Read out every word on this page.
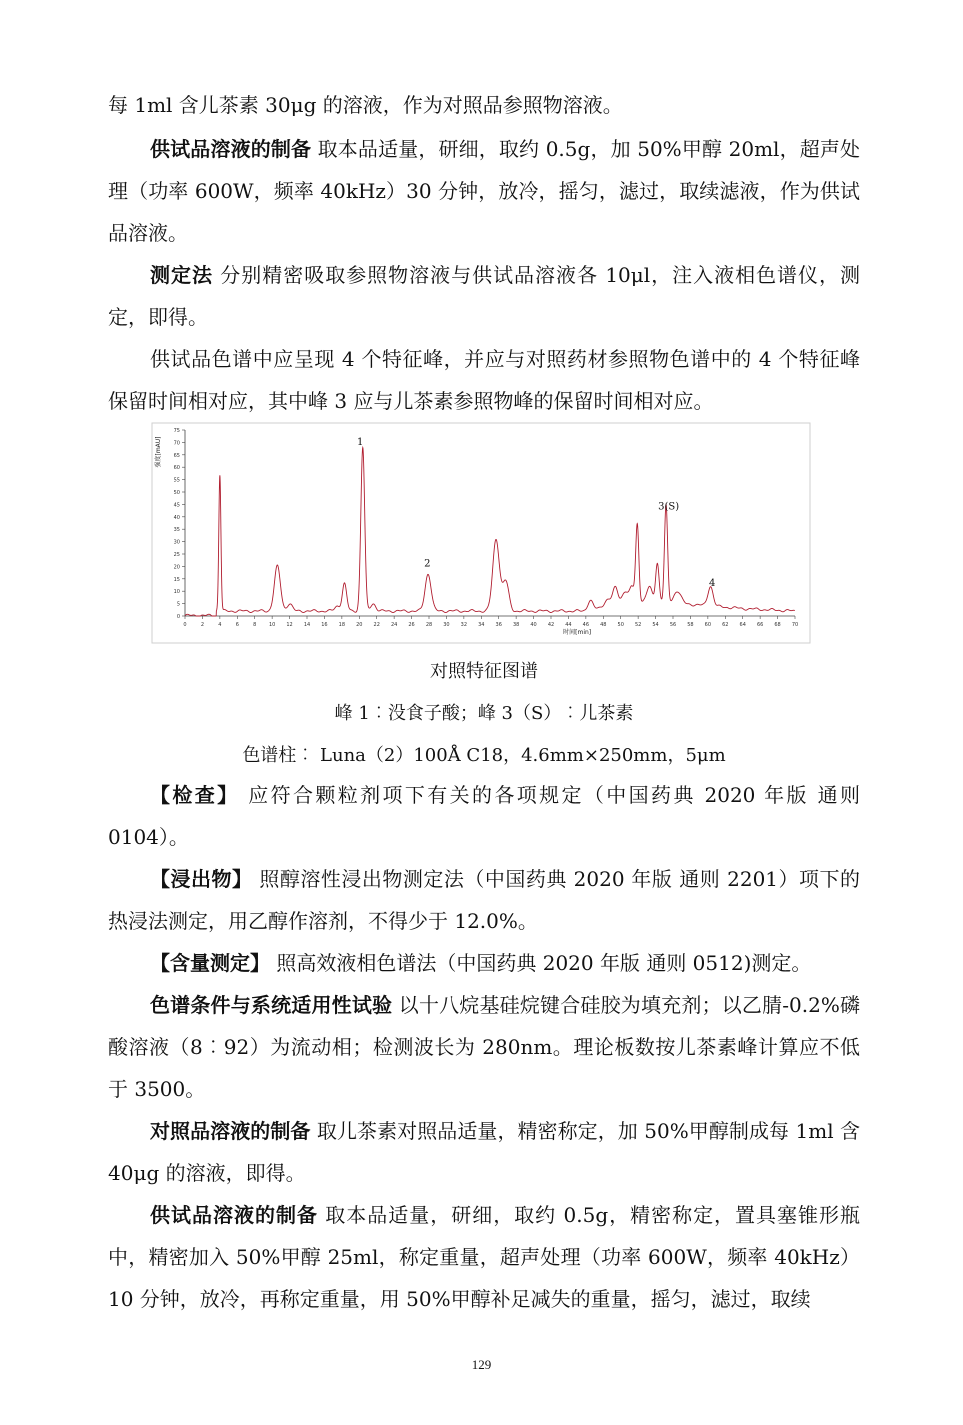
每 1ml 含儿茶素 30μg 的溶液，作为对照品参照物溶液。

供试品溶液的制备 取本品适量，研细，取约 0.5g，加 50%甲醇 20ml，超声处理（功率 600W，频率 40kHz）30 分钟，放冷，摇匀，滤过，取续滤液，作为供试品溶液。

测定法 分别精密吸取参照物溶液与供试品溶液各 10μl，注入液相色谱仪，测定，即得。

供试品色谱中应呈现 4 个特征峰，并应与对照药材参照物色谱中的 4 个特征峰保留时间相对应，其中峰 3 应与儿茶素参照物峰的保留时间相对应。

0
5
10
15
20
25
30
35
40
45
50
55
60
65
70
75
0	2	4	6	8	10 12 14 16 18 20 22 24 26 28 30 32 34 36 38 40 42 44 46 48 50 52 54 56 58 60 62 64 66 68 70
强度[mAU]
时间[min]
1
2
3(S)
4
对照特征图谱
峰 1︰没食子酸；峰 3（S）︰儿茶素
色谱柱︰ Luna（2）100Å C18，4.6mm×250mm，5μm

【检查】 应符合颗粒剂项下有关的各项规定（中国药典 2020 年版 通则 0104）。

【浸出物】 照醇溶性浸出物测定法（中国药典 2020 年版 通则 2201）项下的热浸法测定，用乙醇作溶剂，不得少于 12.0%。

【含量测定】 照高效液相色谱法（中国药典 2020 年版 通则 0512)测定。

色谱条件与系统适用性试验 以十八烷基硅烷键合硅胶为填充剂；以乙腈-0.2%磷酸溶液（8︰92）为流动相；检测波长为 280nm。理论板数按儿茶素峰计算应不低于 3500。

对照品溶液的制备 取儿茶素对照品适量，精密称定，加 50%甲醇制成每 1ml 含 40μg 的溶液，即得。

供试品溶液的制备 取本品适量，研细，取约 0.5g，精密称定，置具塞锥形瓶中，精密加入 50%甲醇 25ml，称定重量，超声处理（功率 600W，频率 40kHz）10 分钟，放冷，再称定重量，用 50%甲醇补足减失的重量，摇匀，滤过，取续

129
